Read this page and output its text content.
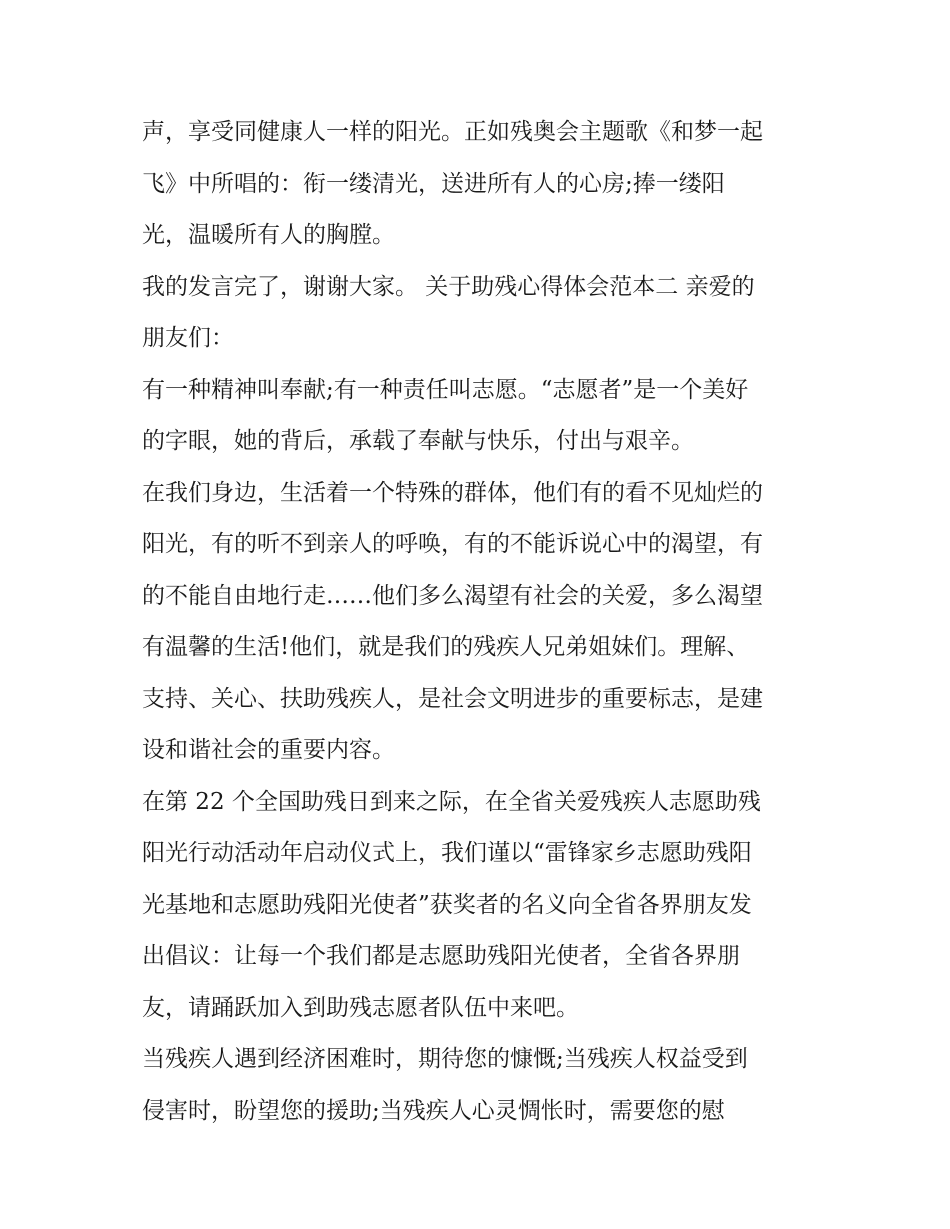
声，享受同健康人一样的阳光。正如残奥会主题歌《和梦一起
飞》中所唱的：衔一缕清光，送进所有人的心房;捧一缕阳
光，温暖所有人的胸膛。
我的发言完了，谢谢大家。 关于助残心得体会范本二 亲爱的
朋友们：
有一种精神叫奉献;有一种责任叫志愿。“志愿者”是一个美好
的字眼，她的背后，承载了奉献与快乐，付出与艰辛。
在我们身边，生活着一个特殊的群体，他们有的看不见灿烂的
阳光，有的听不到亲人的呼唤，有的不能诉说心中的渴望，有
的不能自由地行走……他们多么渴望有社会的关爱，多么渴望
有温馨的生活!他们，就是我们的残疾人兄弟姐妹们。理解、
支持、关心、扶助残疾人，是社会文明进步的重要标志，是建
设和谐社会的重要内容。
在第 22 个全国助残日到来之际，在全省关爱残疾人志愿助残
阳光行动活动年启动仪式上，我们谨以“雷锋家乡志愿助残阳
光基地和志愿助残阳光使者”获奖者的名义向全省各界朋友发
出倡议：让每一个我们都是志愿助残阳光使者，全省各界朋
友，请踊跃加入到助残志愿者队伍中来吧。
当残疾人遇到经济困难时，期待您的慷慨;当残疾人权益受到
侵害时，盼望您的援助;当残疾人心灵惆怅时，需要您的慰
